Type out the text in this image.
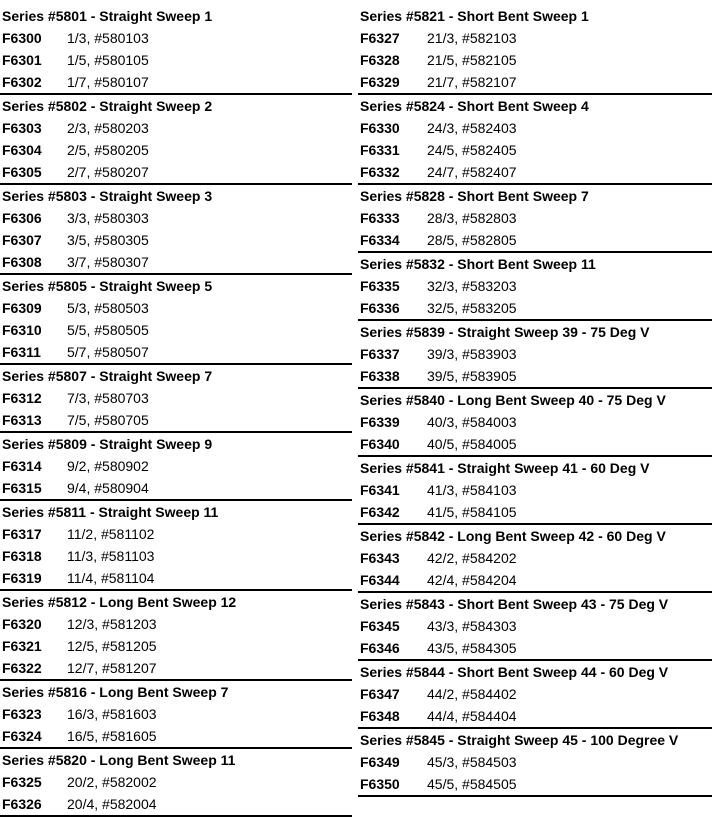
Series #5801 - Straight Sweep 1
F6300 1/3, #580103
F6301 1/5, #580105
F6302 1/7, #580107
Series #5802 - Straight Sweep 2
F6303 2/3, #580203
F6304 2/5, #580205
F6305 2/7, #580207
Series #5803 - Straight Sweep 3
F6306 3/3, #580303
F6307 3/5, #580305
F6308 3/7, #580307
Series #5805 - Straight Sweep 5
F6309 5/3, #580503
F6310 5/5, #580505
F6311 5/7, #580507
Series #5807 - Straight Sweep 7
F6312 7/3, #580703
F6313 7/5, #580705
Series #5809 - Straight Sweep 9
F6314 9/2, #580902
F6315 9/4, #580904
Series #5811 - Straight Sweep 11
F6317 11/2, #581102
F6318 11/3, #581103
F6319 11/4, #581104
Series #5812 - Long Bent Sweep 12
F6320 12/3, #581203
F6321 12/5, #581205
F6322 12/7, #581207
Series #5816 - Long Bent Sweep 7
F6323 16/3, #581603
F6324 16/5, #581605
Series #5820 - Long Bent Sweep 11
F6325 20/2, #582002
F6326 20/4, #582004
Series #5821 - Short Bent Sweep 1
F6327 21/3, #582103
F6328 21/5, #582105
F6329 21/7, #582107
Series #5824 - Short Bent Sweep 4
F6330 24/3, #582403
F6331 24/5, #582405
F6332 24/7, #582407
Series #5828 - Short Bent Sweep 7
F6333 28/3, #582803
F6334 28/5, #582805
Series #5832 - Short Bent Sweep 11
F6335 32/3, #583203
F6336 32/5, #583205
Series #5839 - Straight Sweep 39 - 75 Deg V
F6337 39/3, #583903
F6338 39/5, #583905
Series #5840 - Long Bent Sweep 40 - 75 Deg V
F6339 40/3, #584003
F6340 40/5, #584005
Series #5841 - Straight Sweep 41 - 60 Deg V
F6341 41/3, #584103
F6342 41/5, #584105
Series #5842 - Long Bent Sweep 42 - 60 Deg V
F6343 42/2, #584202
F6344 42/4, #584204
Series #5843 - Short Bent Sweep 43 - 75 Deg V
F6345 43/3, #584303
F6346 43/5, #584305
Series #5844 - Short Bent Sweep 44 - 60 Deg V
F6347 44/2, #584402
F6348 44/4, #584404
Series #5845 - Straight Sweep 45 - 100 Degree V
F6349 45/3, #584503
F6350 45/5, #584505
